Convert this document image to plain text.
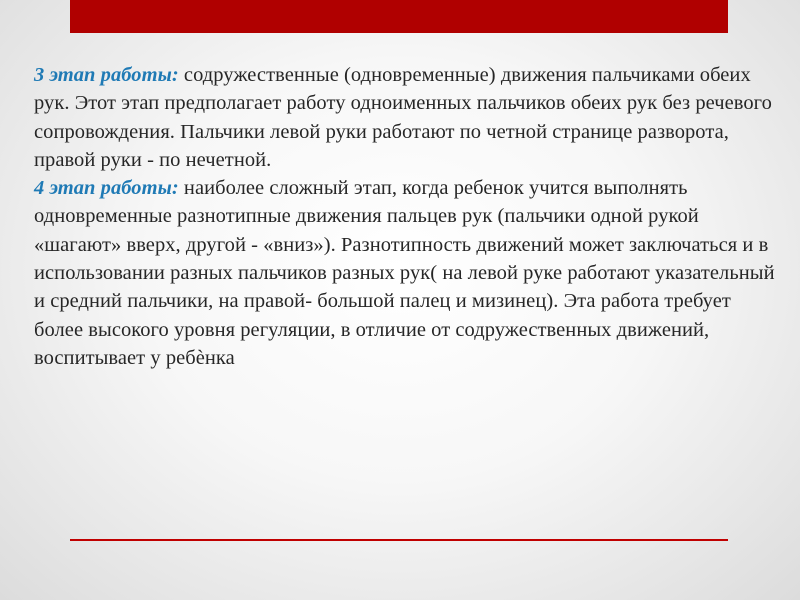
3 этап работы: содружественные (одновременные) движения пальчиками обеих рук. Этот этап предполагает работу одноименных пальчиков обеих рук без речевого сопровождения. Пальчики левой руки работают по четной странице разворота, правой руки - по нечетной.

4 этап работы: наиболее сложный этап, когда ребенок учится выполнять одновременные разнотипные движения пальцев рук (пальчики одной рукой «шагают» вверх, другой - «вниз»). Разнотипность движений может заключаться и в использовании разных пальчиков разных рук( на левой руке работают указательный и средний пальчики, на правой- большой палец и мизинец). Эта работа требует более высокого уровня регуляции, в отличие от содружественных движений, воспитывает у ребѐнка
